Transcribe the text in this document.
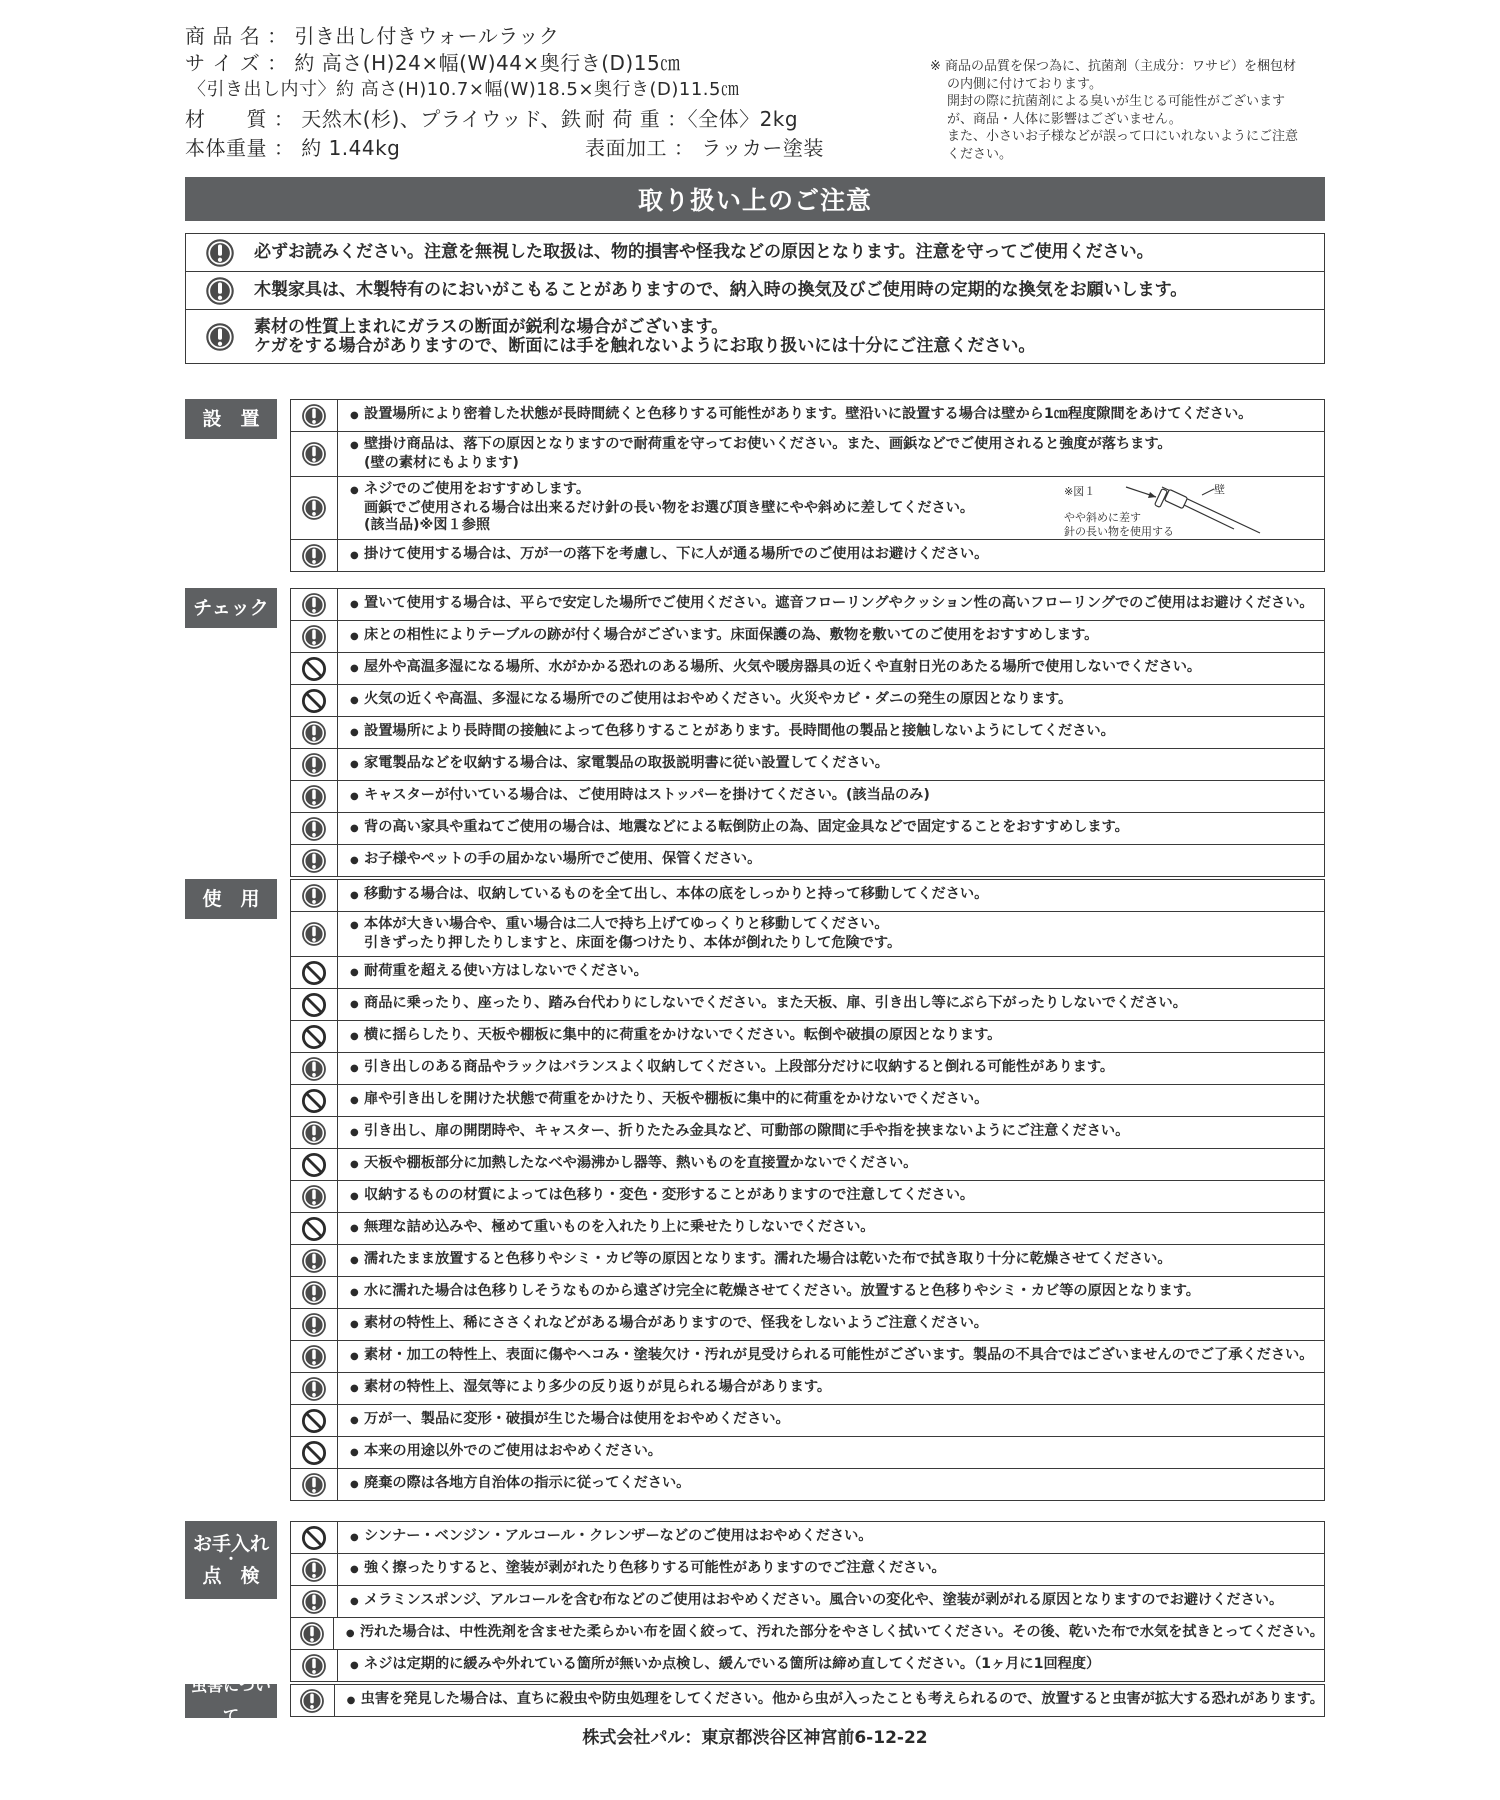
商 品 名 ： 引き出し付きウォールラック
サ イ ズ ： 約 高さ(H)24×幅(W)44×奥行き(D)15㎝
〈引き出し内寸〉約 高さ(H)10.7×幅(W)18.5×奥行き(D)11.5㎝
材　　質 ： 天然木(杉)、プライウッド、鉄 耐 荷 重 ：〈全体〉2kg
本体重量 ： 約 1.44kg	表面加工 ： ラッカー塗装
※ 商品の品質を保つ為に、抗菌剤（主成分：ワサビ）を梱包材
の内側に付けております。
開封の際に抗菌剤による臭いが生じる可能性がございます
が、商品・人体に影響はございません。
また、小さいお子様などが誤って口にいれないようにご注意
ください。
取り扱い上のご注意
必ずお読みください。注意を無視した取扱は、物的損害や怪我などの原因となります。注意を守ってご使用ください。
木製家具は、木製特有のにおいがこもることがありますので、納入時の換気及びご使用時の定期的な換気をお願いします。
素材の性質上まれにガラスの断面が鋭利な場合がございます。
ケガをする場合がありますので、断面には手を触れないようにお取り扱いには十分にご注意ください。
設　置	● 設置場所により密着した状態が長時間続くと色移りする可能性があります。壁沿いに設置する場合は壁から1㎝程度隙間をあけてください。
● 壁掛け商品は、落下の原因となりますので耐荷重を守ってお使いください。また、画鋲などでご使用されると強度が落ちます。
(壁の素材にもよります)
● ネジでのご使用をおすすめします。
画鋲でご使用される場合は出来るだけ針の長い物をお選び頂き壁にやや斜めに差してください。
(該当品)※図１参照
※図１	壁
やや斜めに差す
針の長い物を使用する
● 掛けて使用する場合は、万が一の落下を考慮し、下に人が通る場所でのご使用はお避けください。
チェック	● 置いて使用する場合は、平らで安定した場所でご使用ください。遮音フローリングやクッション性の高いフローリングでのご使用はお避けください。
● 床との相性によりテーブルの跡が付く場合がございます。床面保護の為、敷物を敷いてのご使用をおすすめします。
● 屋外や高温多湿になる場所、水がかかる恐れのある場所、火気や暖房器具の近くや直射日光のあたる場所で使用しないでください。
● 火気の近くや高温、多湿になる場所でのご使用はおやめください。火災やカビ・ダニの発生の原因となります。
● 設置場所により長時間の接触によって色移りすることがあります。長時間他の製品と接触しないようにしてください。
● 家電製品などを収納する場合は、家電製品の取扱説明書に従い設置してください。
● キャスターが付いている場合は、ご使用時はストッパーを掛けてください。(該当品のみ)
● 背の高い家具や重ねてご使用の場合は、地震などによる転倒防止の為、固定金具などで固定することをおすすめします。
● お子様やペットの手の届かない場所でご使用、保管ください。
使　用	● 移動する場合は、収納しているものを全て出し、本体の底をしっかりと持って移動してください。
● 本体が大きい場合や、重い場合は二人で持ち上げてゆっくりと移動してください。
引きずったり押したりしますと、床面を傷つけたり、本体が倒れたりして危険です。
● 耐荷重を超える使い方はしないでください。
● 商品に乗ったり、座ったり、踏み台代わりにしないでください。また天板、扉、引き出し等にぶら下がったりしないでください。
● 横に揺らしたり、天板や棚板に集中的に荷重をかけないでください。転倒や破損の原因となります。
● 引き出しのある商品やラックはバランスよく収納してください。上段部分だけに収納すると倒れる可能性があります。
● 扉や引き出しを開けた状態で荷重をかけたり、天板や棚板に集中的に荷重をかけないでください。
● 引き出し、扉の開閉時や、キャスター、折りたたみ金具など、可動部の隙間に手や指を挟まないようにご注意ください。
● 天板や棚板部分に加熱したなべや湯沸かし器等、熱いものを直接置かないでください。
● 収納するものの材質によっては色移り・変色・変形することがありますので注意してください。
● 無理な詰め込みや、極めて重いものを入れたり上に乗せたりしないでください。
● 濡れたまま放置すると色移りやシミ・カビ等の原因となります。濡れた場合は乾いた布で拭き取り十分に乾燥させてください。
● 水に濡れた場合は色移りしそうなものから遠ざけ完全に乾燥させてください。放置すると色移りやシミ・カビ等の原因となります。
● 素材の特性上、稀にささくれなどがある場合がありますので、怪我をしないようご注意ください。
● 素材・加工の特性上、表面に傷やヘコみ・塗装欠け・汚れが見受けられる可能性がございます。製品の不具合ではございませんのでご了承ください。
● 素材の特性上、湿気等により多少の反り返りが見られる場合があります。
● 万が一、製品に変形・破損が生じた場合は使用をおやめください。
● 本来の用途以外でのご使用はおやめください。
● 廃棄の際は各地方自治体の指示に従ってください。
お手入れ
・
点　検
● シンナー・ベンジン・アルコール・クレンザーなどのご使用はおやめください。
● 強く擦ったりすると、塗装が剥がれたり色移りする可能性がありますのでご注意ください。
● メラミンスポンジ、アルコールを含む布などのご使用はおやめください。風合いの変化や、塗装が剥がれる原因となりますのでお避けください。
● 汚れた場合は、中性洗剤を含ませた柔らかい布を固く絞って、汚れた部分をやさしく拭いてください。その後、乾いた布で水気を拭きとってください。
● ネジは定期的に緩みや外れている箇所が無いか点検し、緩んでいる箇所は締め直してください。（1ヶ月に1回程度）
虫害について
● 虫害を発見した場合は、直ちに殺虫や防虫処理をしてください。他から虫が入ったことも考えられるので、放置すると虫害が拡大する恐れがあります。
株式会社パル：東京都渋谷区神宮前6-12-22
